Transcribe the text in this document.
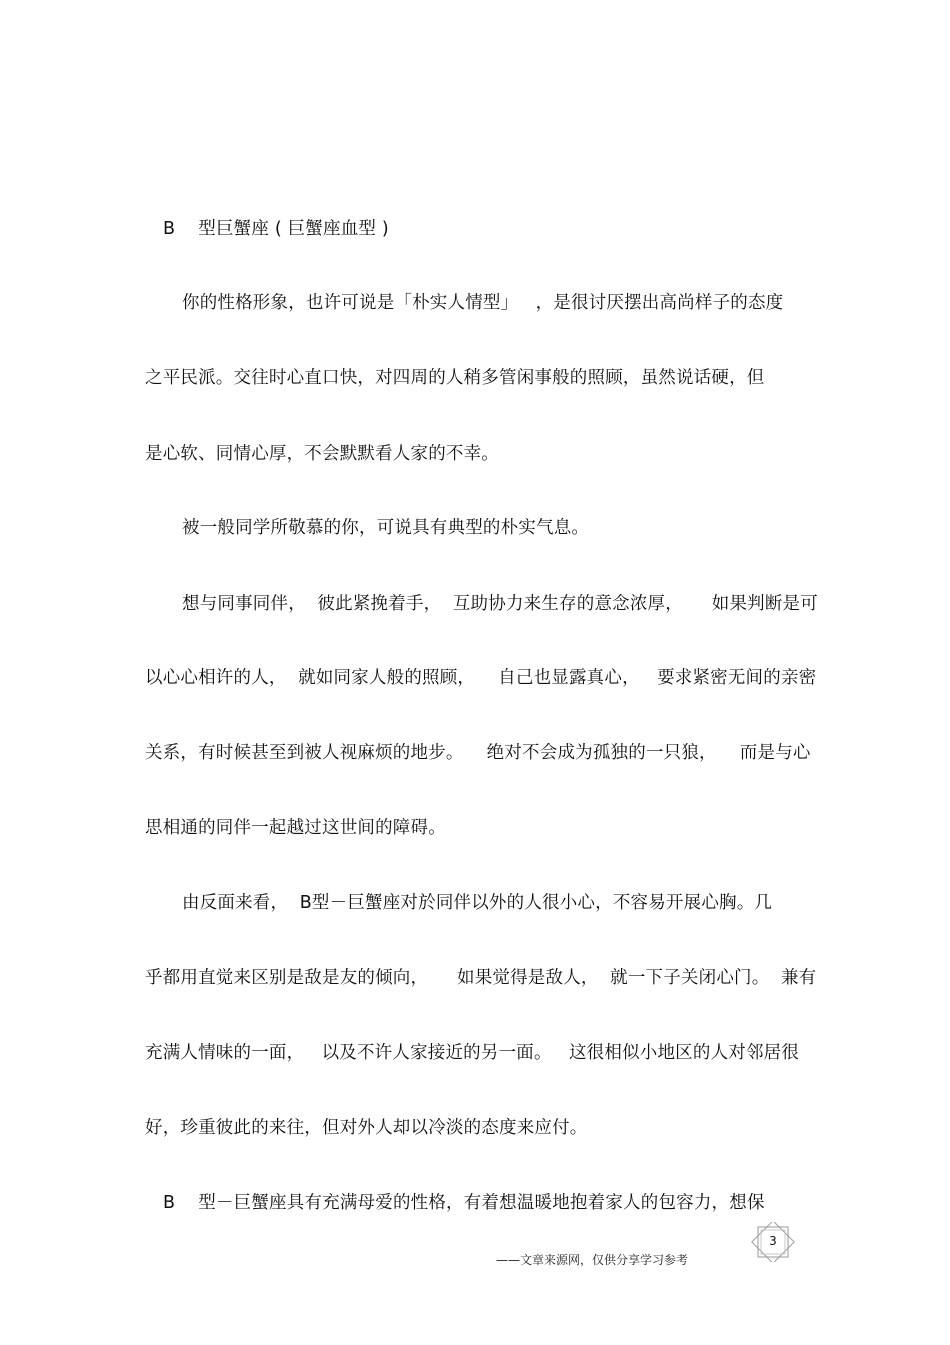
B    型巨蟹座 ( 巨蟹座血型 )
你的性格形象，也许可说是「朴实人情型」   ，是很讨厌摆出高尚样子的态度
之平民派。交往时心直口快，对四周的人稍多管闲事般的照顾，虽然说话硬，但
是心软、同情心厚，不会默默看人家的不幸。
被一般同学所敬慕的你，可说具有典型的朴实气息。
想与同事同伴，  彼此紧挽着手，  互助协力来生存的意念浓厚，     如果判断是可
以心心相许的人，  就如同家人般的照顾，    自己也显露真心，   要求紧密无间的亲密
关系，有时候甚至到被人视麻烦的地步。    绝对不会成为孤独的一只狼，    而是与心
思相通的同伴一起越过这世间的障碍。
由反面来看，  B型－巨蟹座对於同伴以外的人很小心，不容易开展心胸。几
乎都用直觉来区别是敌是友的倾向，     如果觉得是敌人，  就一下子关闭心门。  兼有
充满人情味的一面，   以及不许人家接近的另一面。   这很相似小地区的人对邻居很
好，珍重彼此的来往，但对外人却以冷淡的态度来应付。
B    型－巨蟹座具有充满母爱的性格，有着想温暖地抱着家人的包容力，想保
3
——文章来源网，仅供分享学习参考
